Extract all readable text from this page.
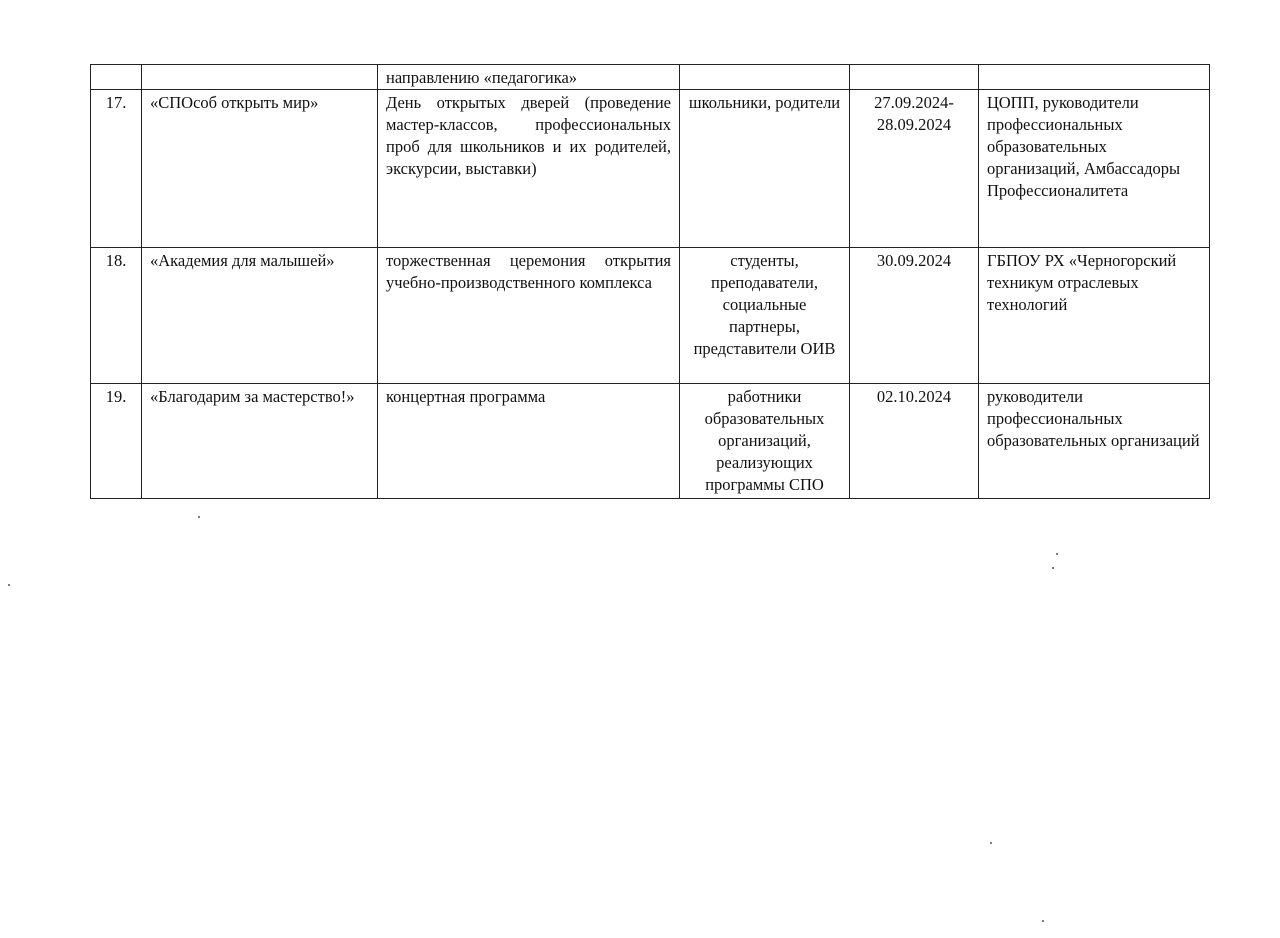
		направлению «педагогика»			
17.	«СПОсоб открыть мир»	День открытых дверей (проведение мастер-классов, профессиональных проб для школьников и их родителей, экскурсии, выставки)	школьники, родители	27.09.2024-28.09.2024	ЦОПП, руководители профессиональных образовательных организаций, Амбассадоры Профессионалитета
18.	«Академия для малышей»	торжественная церемония открытия учебно-производственного комплекса	студенты, преподаватели, социальные партнеры, представители ОИВ	30.09.2024	ГБПОУ РХ «Черногорский техникум отраслевых технологий
19.	«Благодарим за мастерство!»	концертная программа	работники образовательных организаций, реализующих программы СПО	02.10.2024	руководители профессиональных образовательных организаций
